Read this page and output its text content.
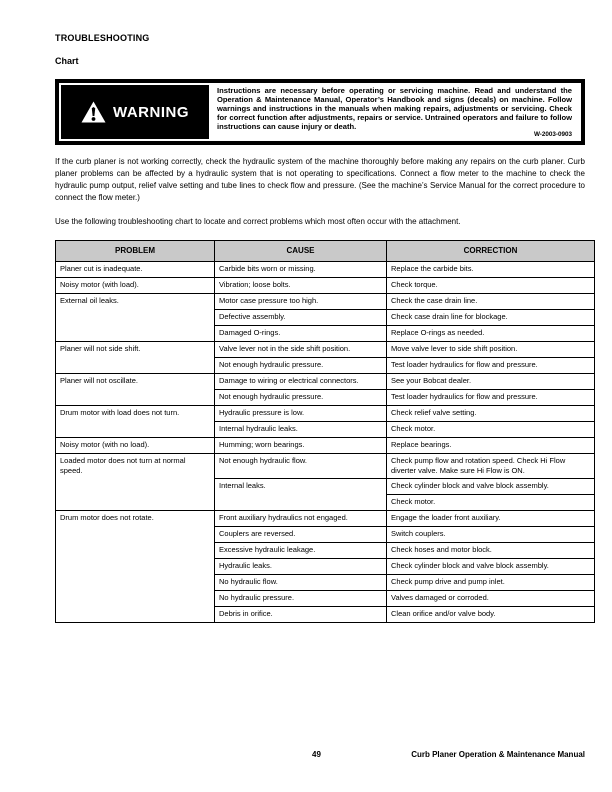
TROUBLESHOOTING
Chart
WARNING
Instructions are necessary before operating or servicing machine. Read and understand the Operation & Maintenance Manual, Operator’s Handbook and signs (decals) on machine. Follow warnings and instructions in the manuals when making repairs, adjustments or servicing. Check for correct function after adjustments, repairs or service. Untrained operators and failure to follow instructions can cause injury or death.
W-2003-0903

If the curb planer is not working correctly, check the hydraulic system of the machine thoroughly before making any repairs on the curb planer. Curb planer problems can be affected by a hydraulic system that is not operating to specifications. Connect a flow meter to the machine to check the hydraulic pump output, relief valve setting and tube lines to check flow and pressure. (See the machine’s Service Manual for the correct procedure to connect the flow meter.)

Use the following troubleshooting chart to locate and correct problems which most often occur with the attachment.

PROBLEM	CAUSE	CORRECTION
Planer cut is inadequate.	Carbide bits worn or missing.	Replace the carbide bits.
Noisy motor (with load).	Vibration; loose bolts.	Check torque.
External oil leaks.	Motor case pressure too high.	Check the case drain line.
	Defective assembly.	Check case drain line for blockage.
	Damaged O-rings.	Replace O-rings as needed.
Planer will not side shift.	Valve lever not in the side shift position.	Move valve lever to side shift position.
	Not enough hydraulic pressure.	Test loader hydraulics for flow and pressure.
Planer will not oscillate.	Damage to wiring or electrical connectors.	See your Bobcat dealer.
	Not enough hydraulic pressure.	Test loader hydraulics for flow and pressure.
Drum motor with load does not turn.	Hydraulic pressure is low.	Check relief valve setting.
	Internal hydraulic leaks.	Check motor.
Noisy motor (with no load).	Humming; worn bearings.	Replace bearings.
Loaded motor does not turn at normal speed.	Not enough hydraulic flow.	Check pump flow and rotation speed. Check Hi Flow diverter valve. Make sure Hi Flow is ON.
	Internal leaks.	Check cylinder block and valve block assembly.
		Check motor.
Drum motor does not rotate.	Front auxiliary hydraulics not engaged.	Engage the loader front auxiliary.
	Couplers are reversed.	Switch couplers.
	Excessive hydraulic leakage.	Check hoses and motor block.
	Hydraulic leaks.	Check cylinder block and valve block assembly.
	No hydraulic flow.	Check pump drive and pump inlet.
	No hydraulic pressure.	Valves damaged or corroded.
	Debris in orifice.	Clean orifice and/or valve body.
49	Curb Planer Operation & Maintenance Manual
